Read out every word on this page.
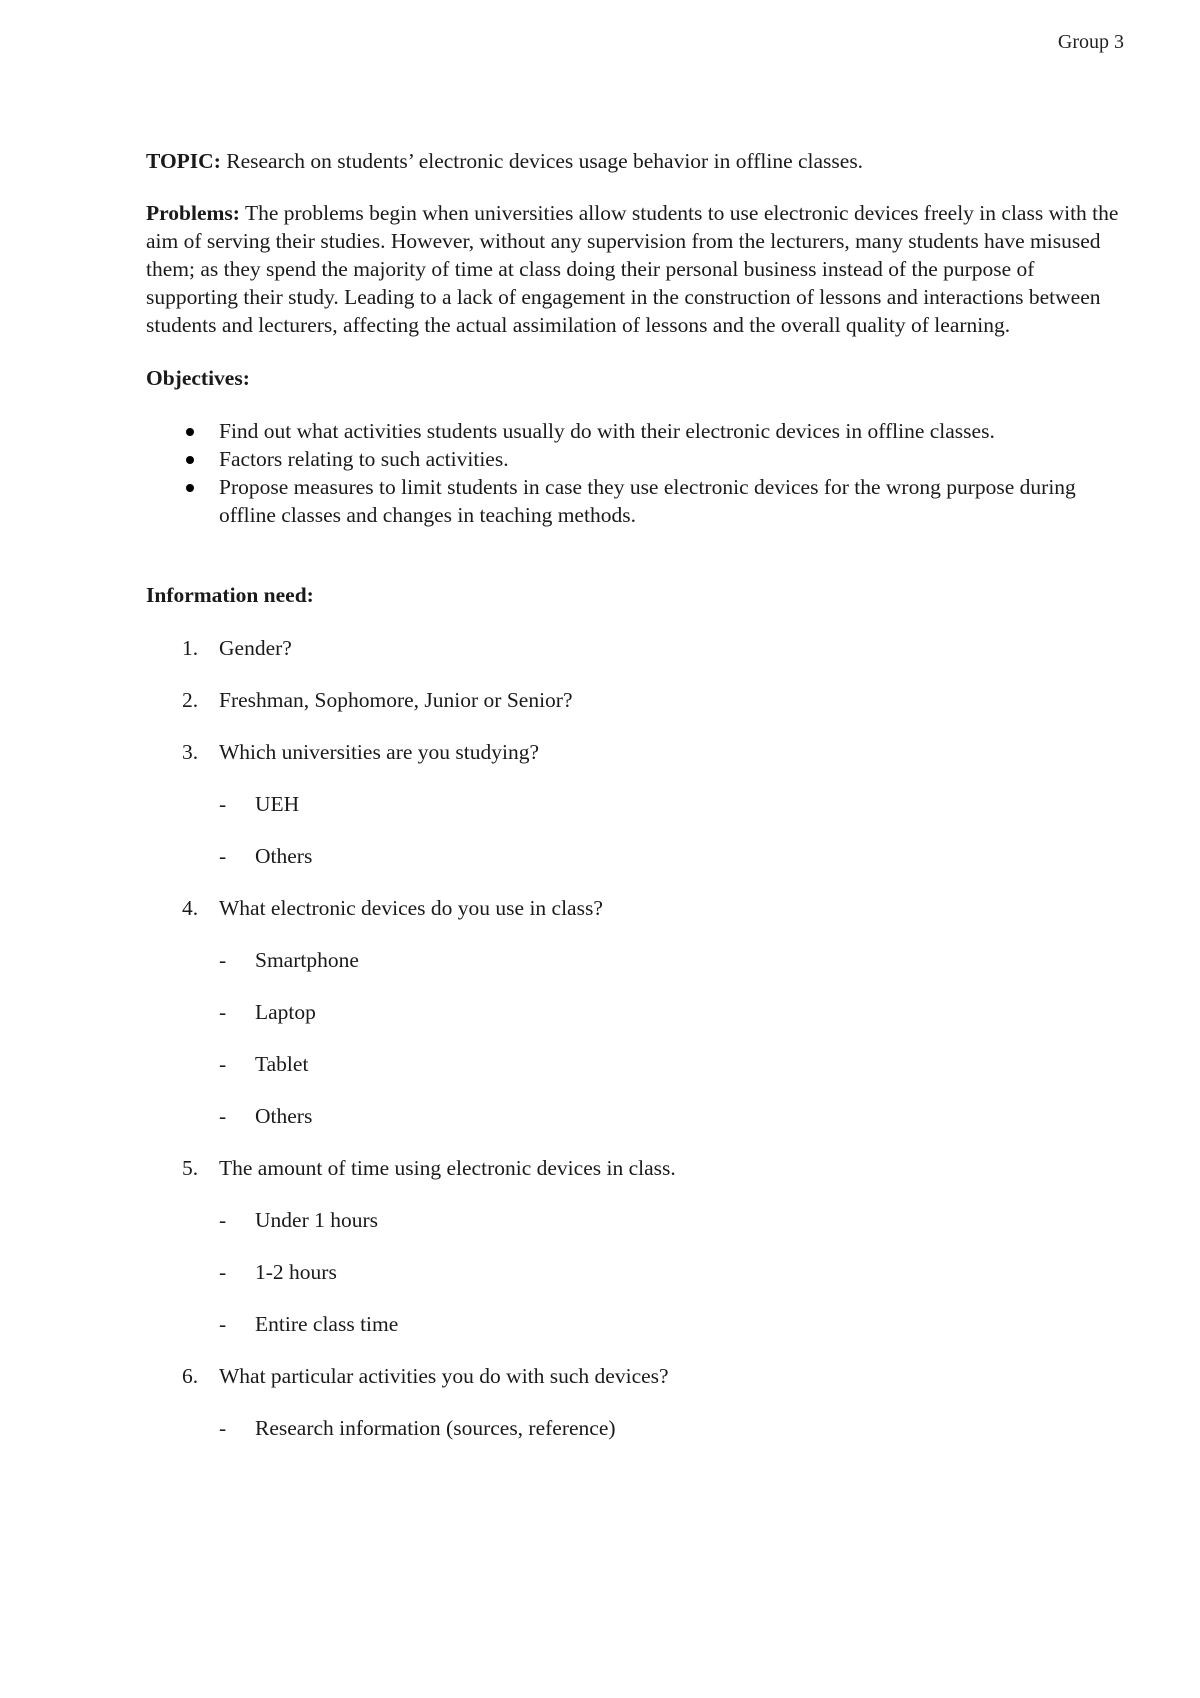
Group 3

TOPIC: Research on students’ electronic devices usage behavior in offline classes.

Problems: The problems begin when universities allow students to use electronic devices freely in class with the aim of serving their studies. However, without any supervision from the lecturers, many students have misused them; as they spend the majority of time at class doing their personal business instead of the purpose of supporting their study. Leading to a lack of engagement in the construction of lessons and interactions between students and lecturers, affecting the actual assimilation of lessons and the overall quality of learning.

Objectives:

Find out what activities students usually do with their electronic devices in offline classes.
Factors relating to such activities.
Propose measures to limit students in case they use electronic devices for the wrong purpose during offline classes and changes in teaching methods.

Information need:

1. Gender?
2. Freshman, Sophomore, Junior or Senior?
3. Which universities are you studying?
- UEH
- Others
4. What electronic devices do you use in class?
- Smartphone
- Laptop
- Tablet
- Others
5. The amount of time using electronic devices in class.
- Under 1 hours
- 1-2 hours
- Entire class time
6. What particular activities you do with such devices?
- Research information (sources, reference)
